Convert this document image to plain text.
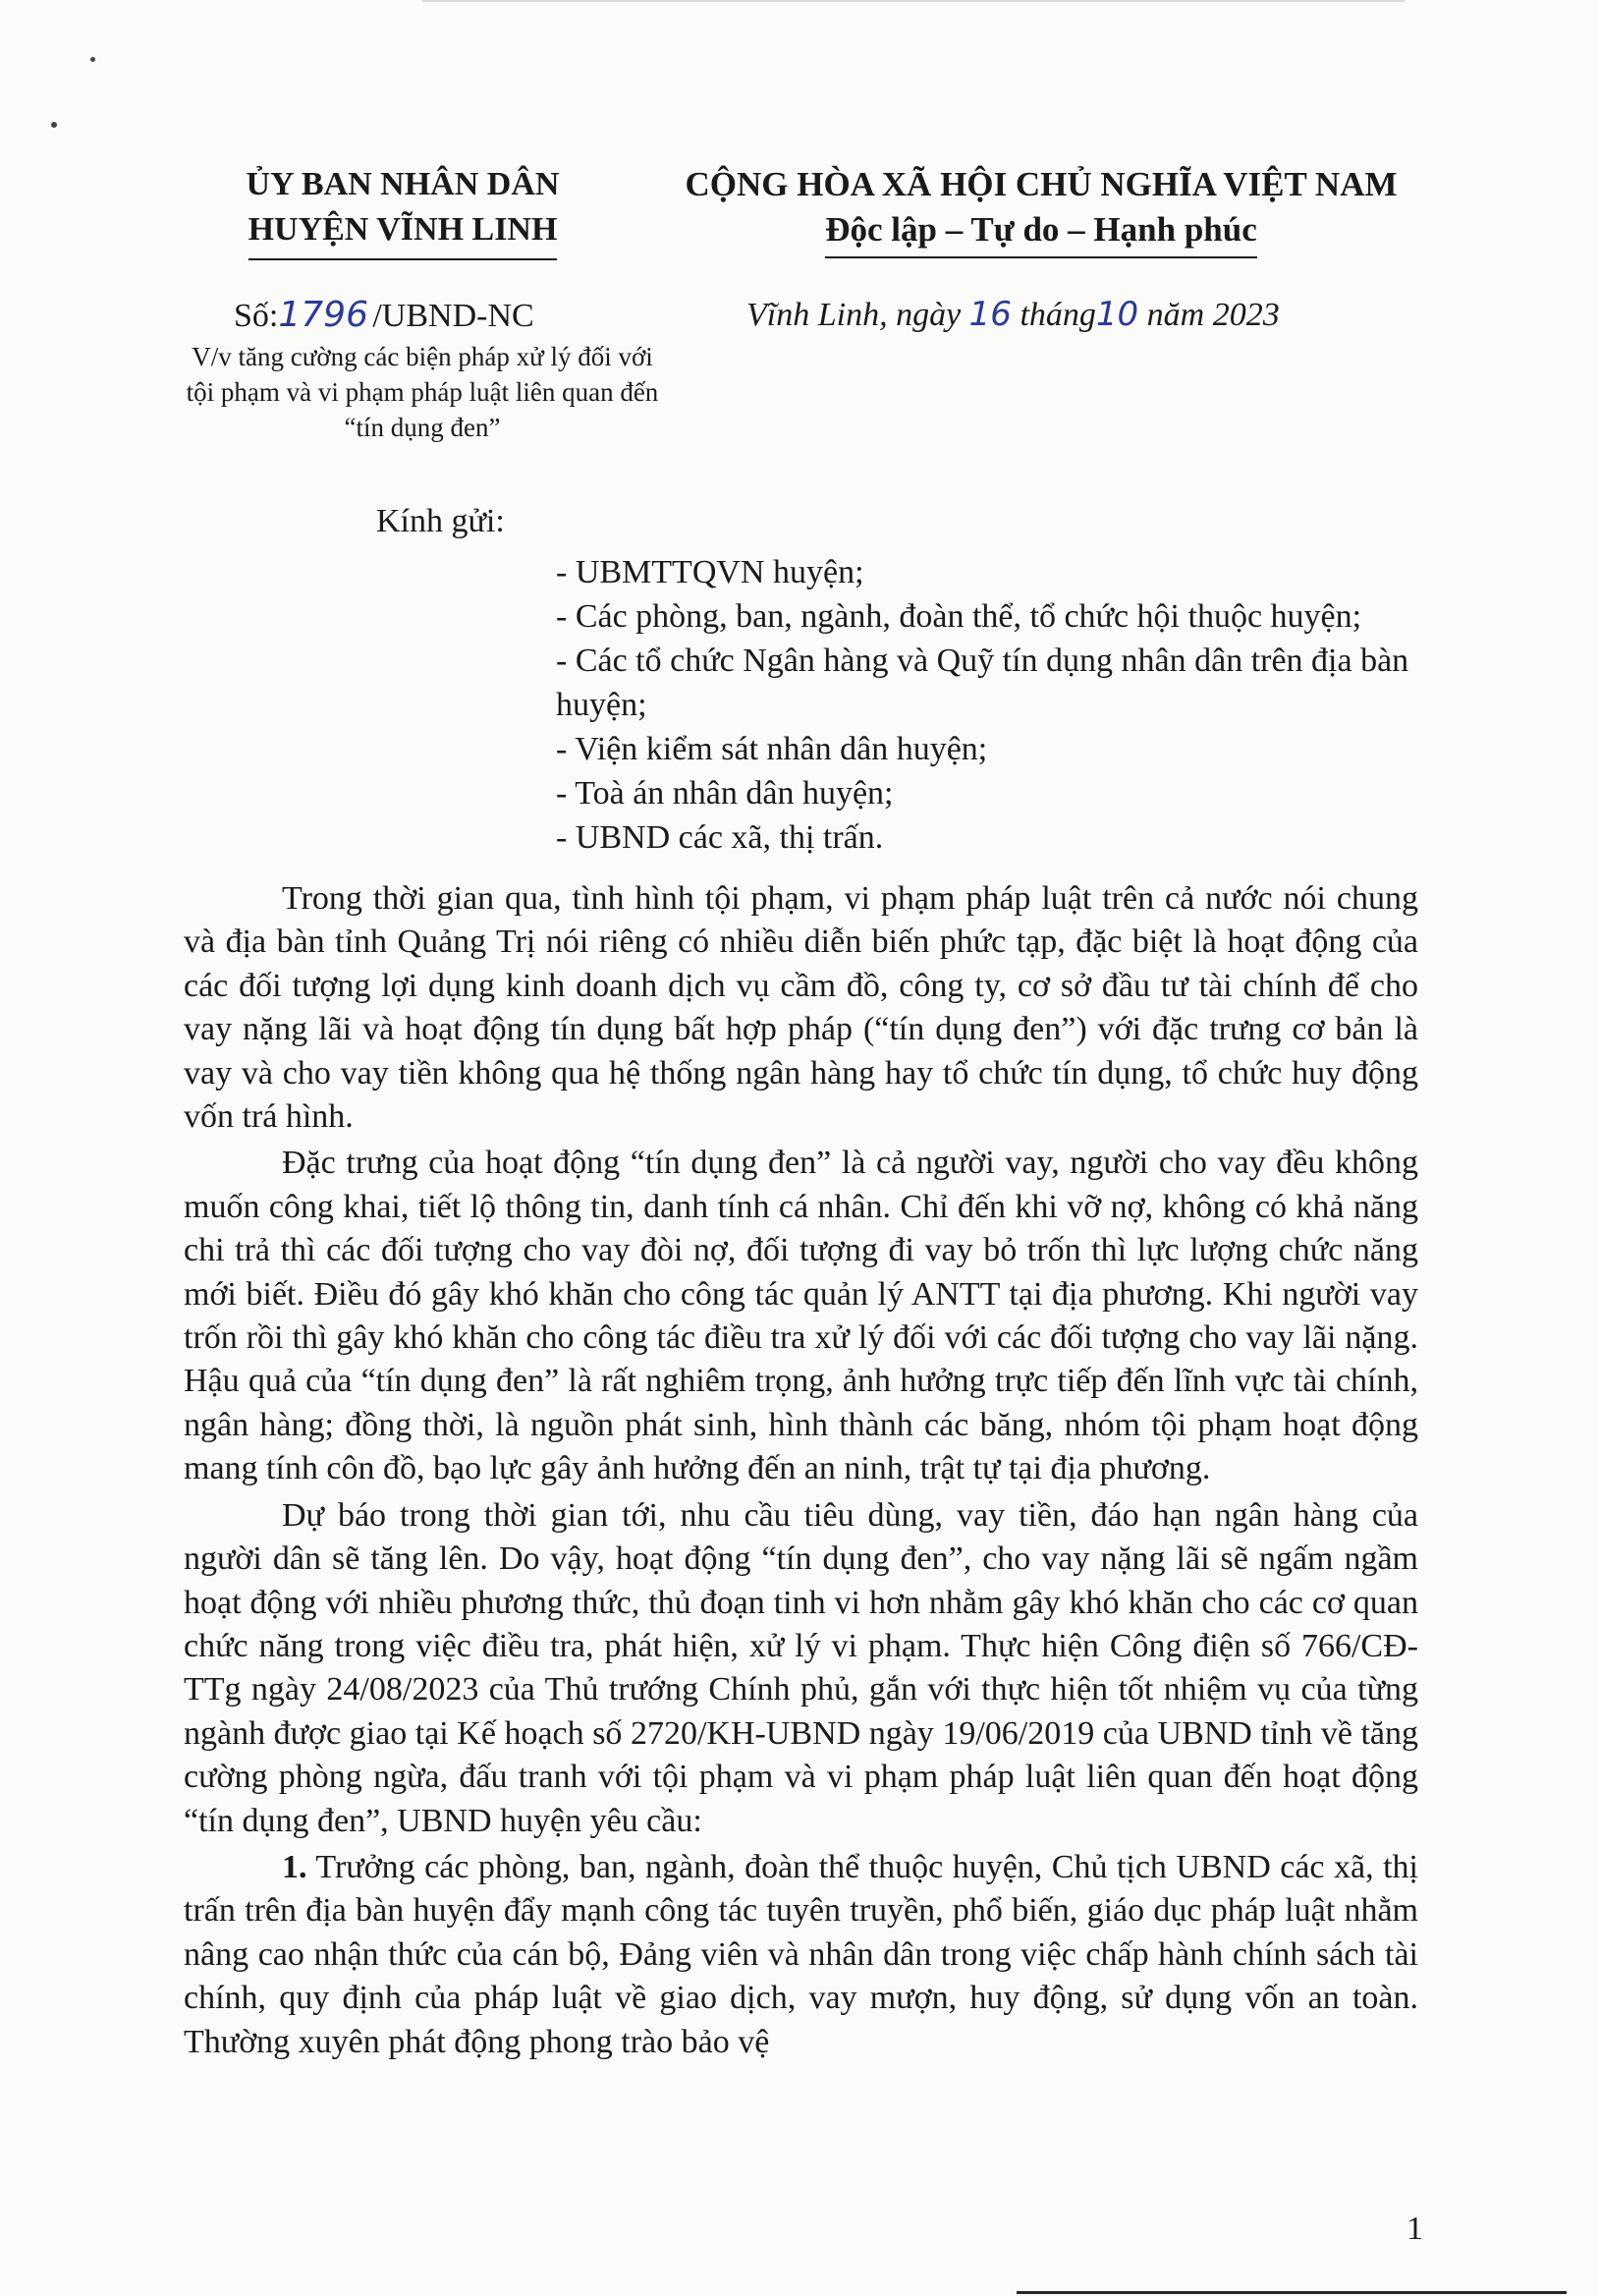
ỦY BAN NHÂN DÂN
HUYỆN VĨNH LINH
CỘNG HÒA XÃ HỘI CHỦ NGHĨA VIỆT NAM
Độc lập – Tự do – Hạnh phúc
Số:1796 /UBND-NC	Vĩnh Linh, ngày 16 tháng10 năm 2023
V/v tăng cường các biện pháp xử lý đối với tội phạm và vi phạm pháp luật liên quan đến “tín dụng đen”
Kính gửi:
- UBMTTQVN huyện;
- Các phòng, ban, ngành, đoàn thể, tổ chức hội thuộc huyện;
- Các tổ chức Ngân hàng và Quỹ tín dụng nhân dân trên địa bàn huyện;
- Viện kiểm sát nhân dân huyện;
- Toà án nhân dân huyện;
- UBND các xã, thị trấn.

Trong thời gian qua, tình hình tội phạm, vi phạm pháp luật trên cả nước nói chung và địa bàn tỉnh Quảng Trị nói riêng có nhiều diễn biến phức tạp, đặc biệt là hoạt động của các đối tượng lợi dụng kinh doanh dịch vụ cầm đồ, công ty, cơ sở đầu tư tài chính để cho vay nặng lãi và hoạt động tín dụng bất hợp pháp (“tín dụng đen”) với đặc trưng cơ bản là vay và cho vay tiền không qua hệ thống ngân hàng hay tổ chức tín dụng, tổ chức huy động vốn trá hình.

Đặc trưng của hoạt động “tín dụng đen” là cả người vay, người cho vay đều không muốn công khai, tiết lộ thông tin, danh tính cá nhân. Chỉ đến khi vỡ nợ, không có khả năng chi trả thì các đối tượng cho vay đòi nợ, đối tượng đi vay bỏ trốn thì lực lượng chức năng mới biết. Điều đó gây khó khăn cho công tác quản lý ANTT tại địa phương. Khi người vay trốn rồi thì gây khó khăn cho công tác điều tra xử lý đối với các đối tượng cho vay lãi nặng. Hậu quả của “tín dụng đen” là rất nghiêm trọng, ảnh hưởng trực tiếp đến lĩnh vực tài chính, ngân hàng; đồng thời, là nguồn phát sinh, hình thành các băng, nhóm tội phạm hoạt động mang tính côn đồ, bạo lực gây ảnh hưởng đến an ninh, trật tự tại địa phương.

Dự báo trong thời gian tới, nhu cầu tiêu dùng, vay tiền, đáo hạn ngân hàng của người dân sẽ tăng lên. Do vậy, hoạt động “tín dụng đen”, cho vay nặng lãi sẽ ngấm ngầm hoạt động với nhiều phương thức, thủ đoạn tinh vi hơn nhằm gây khó khăn cho các cơ quan chức năng trong việc điều tra, phát hiện, xử lý vi phạm. Thực hiện Công điện số 766/CĐ-TTg ngày 24/08/2023 của Thủ trướng Chính phủ, gắn với thực hiện tốt nhiệm vụ của từng ngành được giao tại Kế hoạch số 2720/KH-UBND ngày 19/06/2019 của UBND tỉnh về tăng cường phòng ngừa, đấu tranh với tội phạm và vi phạm pháp luật liên quan đến hoạt động “tín dụng đen”, UBND huyện yêu cầu:

1. Trưởng các phòng, ban, ngành, đoàn thể thuộc huyện, Chủ tịch UBND các xã, thị trấn trên địa bàn huyện đẩy mạnh công tác tuyên truyền, phổ biến, giáo dục pháp luật nhằm nâng cao nhận thức của cán bộ, Đảng viên và nhân dân trong việc chấp hành chính sách tài chính, quy định của pháp luật về giao dịch, vay mượn, huy động, sử dụng vốn an toàn. Thường xuyên phát động phong trào bảo vệ

1
